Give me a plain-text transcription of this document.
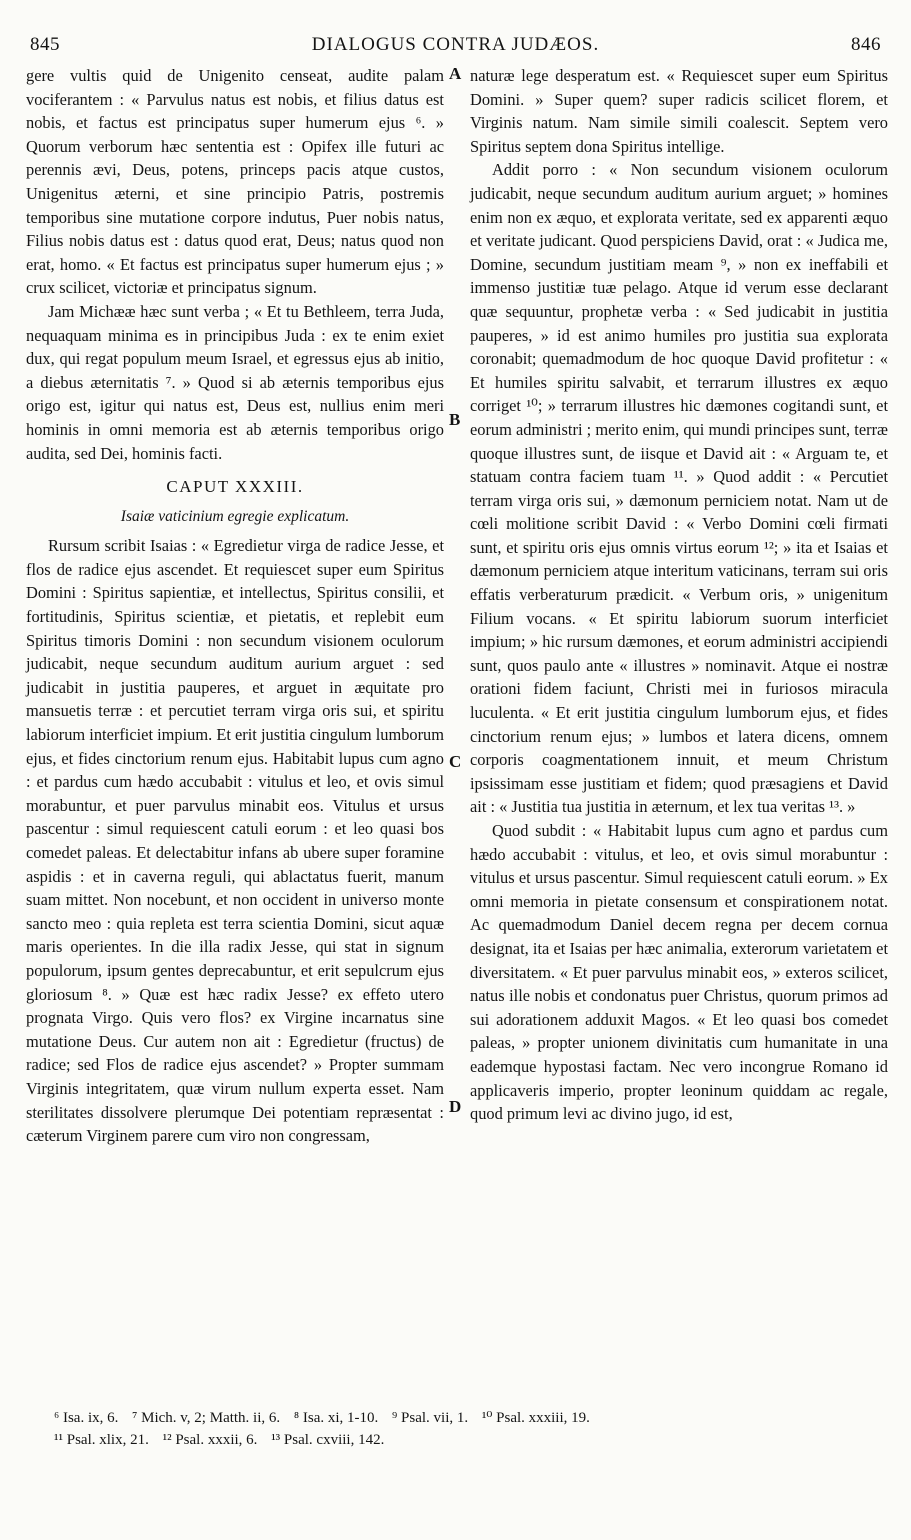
845	DIALOGUS CONTRA JUDÆOS.	846

gere vultis quid de Unigenito censeat, audite palam vociferantem : « Parvulus natus est nobis, et filius datus est nobis, et factus est principatus super humerum ejus ⁶. » Quorum verborum hæc sententia est : Opifex ille futuri ac perennis ævi, Deus, potens, princeps pacis atque custos, Unigenitus æterni, et sine principio Patris, postremis temporibus sine mutatione corpore indutus, Puer nobis natus, Filius nobis datus est : datus quod erat, Deus; natus quod non erat, homo. « Et factus est principatus super humerum ejus ; » crux scilicet, victoriæ et principatus signum.

Jam Michææ hæc sunt verba ; « Et tu Bethleem, terra Juda, nequaquam minima es in principibus Juda : ex te enim exiet dux, qui regat populum meum Israel, et egressus ejus ab initio, a diebus æternitatis ⁷. » Quod si ab æternis temporibus ejus origo est, igitur qui natus est, Deus est, nullius enim meri hominis in omni memoria est ab æternis temporibus origo audita, sed Dei, hominis facti.

CAPUT XXXIII.
Isaiæ vaticinium egregie explicatum.

Rursum scribit Isaias : « Egredietur virga de radice Jesse, et flos de radice ejus ascendet. Et requiescet super eum Spiritus Domini : Spiritus sapientiæ, et intellectus, Spiritus consilii, et fortitudinis, Spiritus scientiæ, et pietatis, et replebit eum Spiritus timoris Domini : non secundum visionem oculorum judicabit, neque secundum auditum aurium arguet : sed judicabit in justitia pauperes, et arguet in æquitate pro mansuetis terræ : et percutiet terram virga oris sui, et spiritu labiorum interficiet impium. Et erit justitia cingulum lumborum ejus, et fides cinctorium renum ejus. Habitabit lupus cum agno : et pardus cum hædo accubabit : vitulus et leo, et ovis simul morabuntur, et puer parvulus minabit eos. Vitulus et ursus pascentur : simul requiescent catuli eorum : et leo quasi bos comedet paleas. Et delectabitur infans ab ubere super foramine aspidis : et in caverna reguli, qui ablactatus fuerit, manum suam mittet. Non nocebunt, et non occident in universo monte sancto meo : quia repleta est terra scientia Domini, sicut aquæ maris operientes. In die illa radix Jesse, qui stat in signum populorum, ipsum gentes deprecabuntur, et erit sepulcrum ejus gloriosum ⁸. » Quæ est hæc radix Jesse? ex effeto utero prognata Virgo. Quis vero flos? ex Virgine incarnatus sine mutatione Deus. Cur autem non ait : Egredietur (fructus) de radice; sed Flos de radice ejus ascendet? » Propter summam Virginis integritatem, quæ virum nullum experta esset. Nam sterilitates dissolvere plerumque Dei potentiam repræsentat : cæterum Virginem parere cum viro non congressam,

naturæ lege desperatum est. « Requiescet super eum Spiritus Domini. » Super quem? super radicis scilicet florem, et Virginis natum. Nam simile simili coalescit. Septem vero Spiritus septem dona Spiritus intellige.

Addit porro : « Non secundum visionem oculorum judicabit, neque secundum auditum aurium arguet; » homines enim non ex æquo, et explorata veritate, sed ex apparenti æquo et veritate judicant. Quod perspiciens David, orat : « Judica me, Domine, secundum justitiam meam ⁹, » non ex ineffabili et immenso justitiæ tuæ pelago. Atque id verum esse declarant quæ sequuntur, prophetæ verba : « Sed judicabit in justitia pauperes, » id est animo humiles pro justitia sua explorata coronabit; quemadmodum de hoc quoque David profitetur : « Et humiles spiritu salvabit, et terrarum illustres ex æquo corriget ¹⁰; » terrarum illustres hic dæmones cogitandi sunt, et eorum administri ; merito enim, qui mundi principes sunt, terræ quoque illustres sunt, de iisque et David ait : « Arguam te, et statuam contra faciem tuam ¹¹. » Quod addit : « Percutiet terram virga oris sui, » dæmonum perniciem notat. Nam ut de cœli molitione scribit David : « Verbo Domini cœli firmati sunt, et spiritu oris ejus omnis virtus eorum ¹²; » ita et Isaias et dæmonum perniciem atque interitum vaticinans, terram sui oris effatis verberaturum prædicit. « Verbum oris, » unigenitum Filium vocans. « Et spiritu labiorum suorum interficiet impium; » hic rursum dæmones, et eorum administri accipiendi sunt, quos paulo ante « illustres » nominavit. Atque ei nostræ orationi fidem faciunt, Christi mei in furiosos miracula luculenta. « Et erit justitia cingulum lumborum ejus, et fides cinctorium renum ejus; » lumbos et latera dicens, omnem corporis coagmentationem innuit, et meum Christum ipsissimam esse justitiam et fidem; quod præsagiens et David ait : « Justitia tua justitia in æternum, et lex tua veritas ¹³. »

Quod subdit : « Habitabit lupus cum agno et pardus cum hædo accubabit : vitulus, et leo, et ovis simul morabuntur : vitulus et ursus pascentur. Simul requiescent catuli eorum. » Ex omni memoria in pietate consensum et conspirationem notat. Ac quemadmodum Daniel decem regna per decem cornua designat, ita et Isaias per hæc animalia, exterorum varietatem et diversitatem. « Et puer parvulus minabit eos, » exteros scilicet, natus ille nobis et condonatus puer Christus, quorum primos ad sui adorationem adduxit Magos. « Et leo quasi bos comedet paleas, » propter unionem divinitatis cum humanitate in una eademque hypostasi factam. Nec vero incongrue Romano id applicaveris imperio, propter leoninum quiddam ac regale, quod primum levi ac divino jugo, id est,

A
B
C
D
⁶ Isa. ix, 6. ⁷ Mich. v, 2; Matth. ii, 6. ⁸ Isa. xi, 1-10. ⁹ Psal. vii, 1. ¹⁰ Psal. xxxiii, 19.
¹¹ Psal. xlix, 21. ¹² Psal. xxxii, 6. ¹³ Psal. cxviii, 142.
